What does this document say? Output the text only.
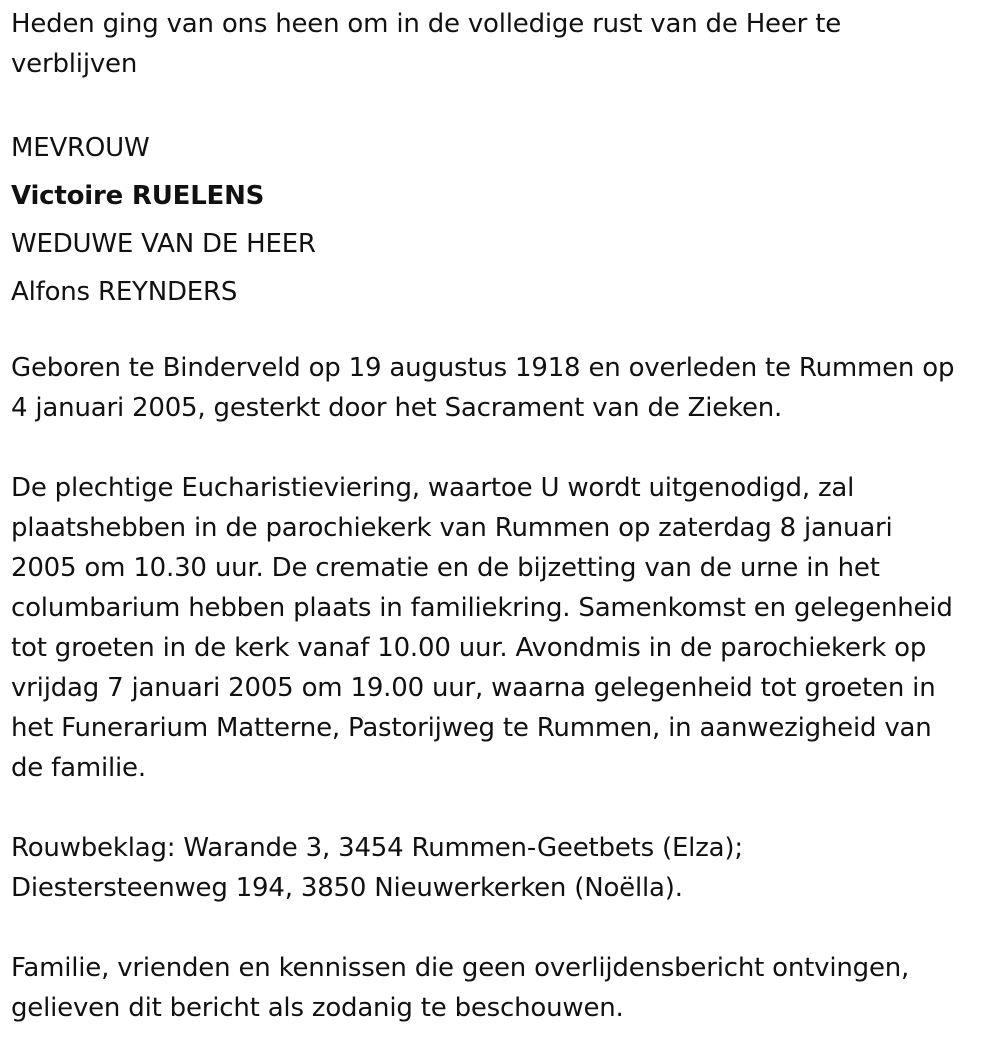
Heden ging van ons heen om in de volledige rust van de Heer te

verblijven

MEVROUW

Victoire RUELENS

WEDUWE VAN DE HEER

Alfons REYNDERS

Geboren te Binderveld op 19 augustus 1918 en overleden te Rummen op

4 januari 2005, gesterkt door het Sacrament van de Zieken.

De plechtige Eucharistieviering, waartoe U wordt uitgenodigd, zal

plaatshebben in de parochiekerk van Rummen op zaterdag 8 januari

2005 om 10.30 uur. De crematie en de bijzetting van de urne in het

columbarium hebben plaats in familiekring. Samenkomst en gelegenheid

tot groeten in de kerk vanaf 10.00 uur. Avondmis in de parochiekerk op

vrijdag 7 januari 2005 om 19.00 uur, waarna gelegenheid tot groeten in

het Funerarium Matterne, Pastorijweg te Rummen, in aanwezigheid van

de familie.

Rouwbeklag: Warande 3, 3454 Rummen-Geetbets (Elza);

Diestersteenweg 194, 3850 Nieuwerkerken (Noëlla).

Familie, vrienden en kennissen die geen overlijdensbericht ontvingen,

gelieven dit bericht als zodanig te beschouwen.
